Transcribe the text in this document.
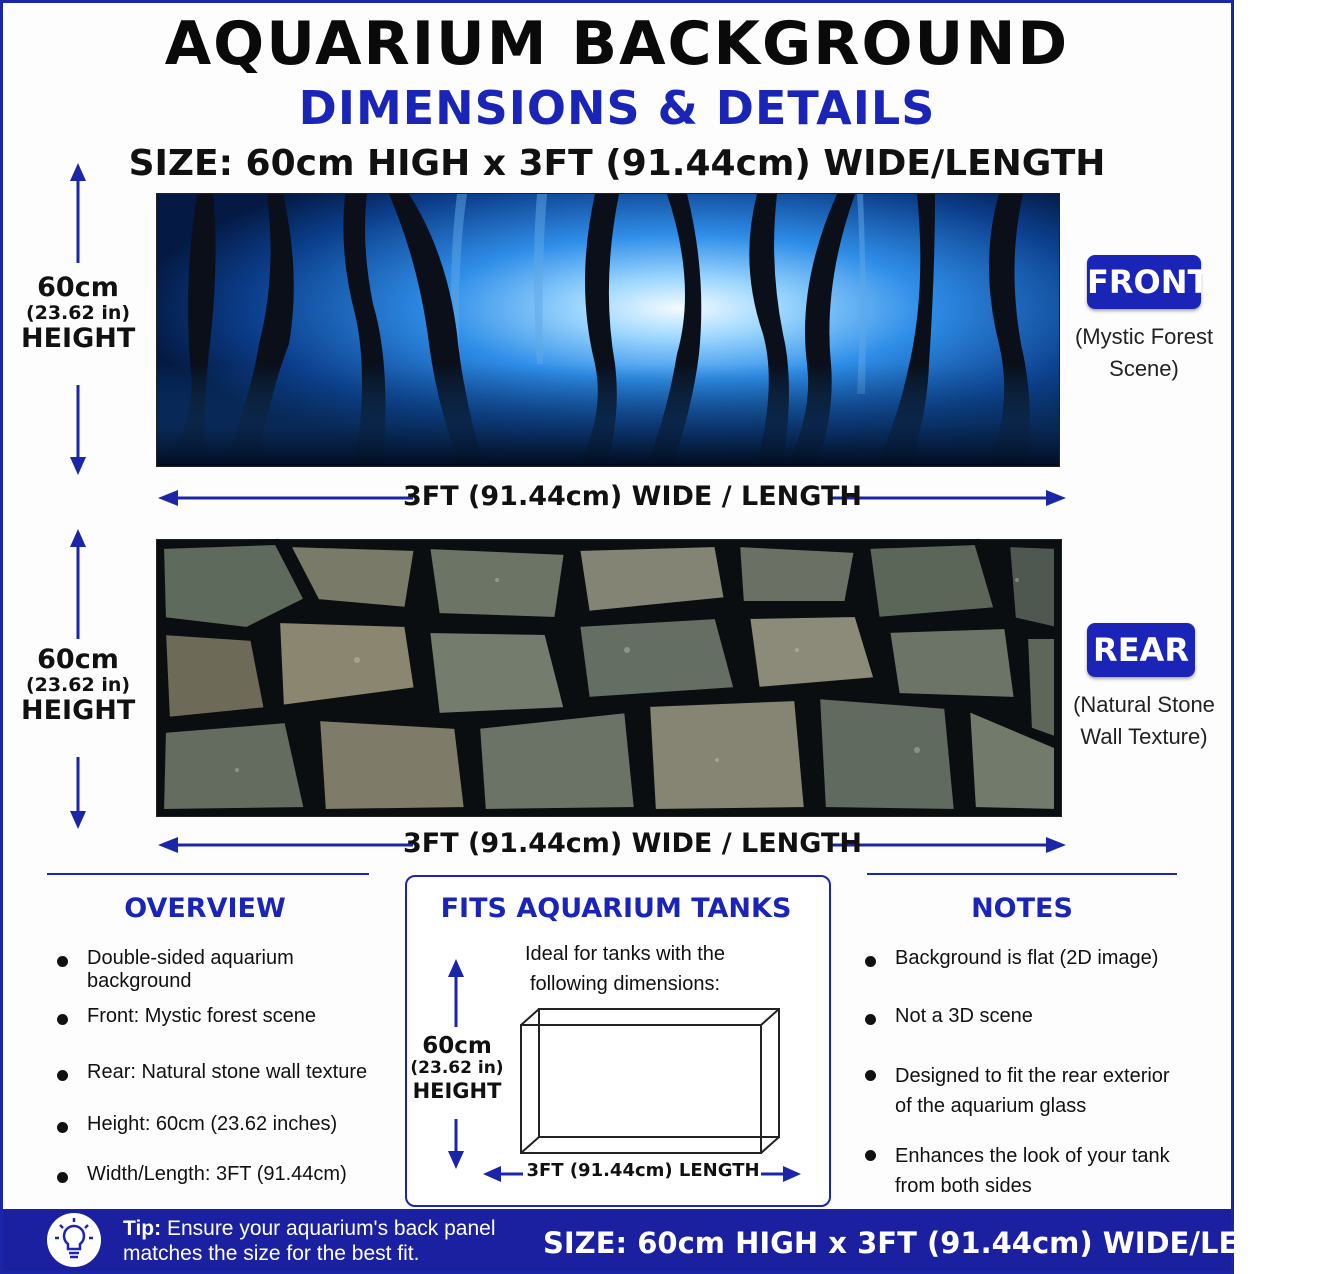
AQUARIUM BACKGROUND
DIMENSIONS & DETAILS
SIZE: 60cm HIGH x 3FT (91.44cm) WIDE/LENGTH
60cm
(23.62 in)
HEIGHT
3FT (91.44cm) WIDE / LENGTH
FRONT
(Mystic Forest
Scene)
60cm
(23.62 in)
HEIGHT
3FT (91.44cm) WIDE / LENGTH
REAR
(Natural Stone
Wall Texture)
OVERVIEW
Double-sided aquarium background
Front: Mystic forest scene
Rear: Natural stone wall texture
Height: 60cm (23.62 inches)
Width/Length: 3FT (91.44cm)
FITS AQUARIUM TANKS
Ideal for tanks with the
following dimensions:
60cm
(23.62 in)
HEIGHT
3FT (91.44cm) LENGTH
NOTES
Background is flat (2D image)
Not a 3D scene
Designed to fit the rear exterior
of the aquarium glass
Enhances the look of your tank
from both sides
Tip: Ensure your aquarium's back panel
matches the size for the best fit.	SIZE: 60cm HIGH x 3FT (91.44cm) WIDE/LENGTH
